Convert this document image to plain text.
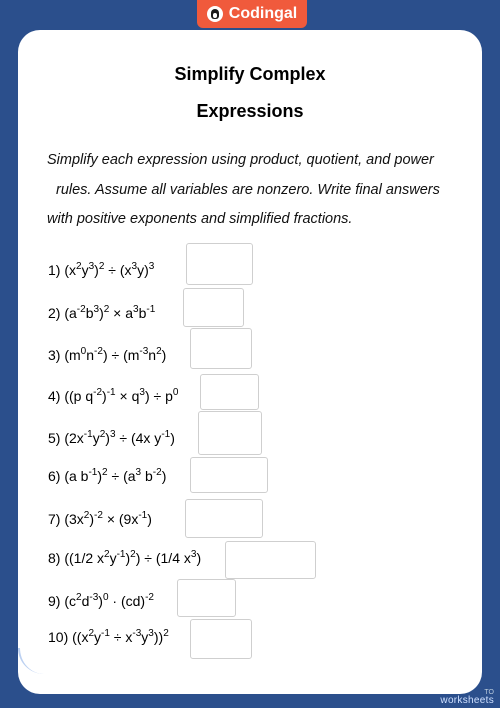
Codingal
Simplify Complex
Expressions
Simplify each expression using product, quotient, and power
rules. Assume all variables are nonzero. Write final answers
with positive exponents and simplified fractions.
1) $(x^2y^3)^2 \div (x^3y)^3$
2) $(a^{-2}b^3)^2 \times a^3b^{-1}$
3) $(m^0n^{-2}) \div (m^{-3}n^2)$
4) ((p $q^{-2})^{-1} \times q^3) \div p^0$
5) $(2x^{-1}y^2)^3 \div (4x$ $y^{-1}$)
6) (a $b^{-1})^2 \div (a^3$ $b^{-2}$)
7) $(3x^2)^{-2} \times (9x^{-1})$
8) ((1/2 $x^2y^{-1})^2) \div (1/4$ $x^3$)
9) $(c^2d^{-3})^0 \cdot (cd)^{-2}$
10) $((x^2y^{-1} \div x^{-3}y^3))^2$
TO
worksheets
